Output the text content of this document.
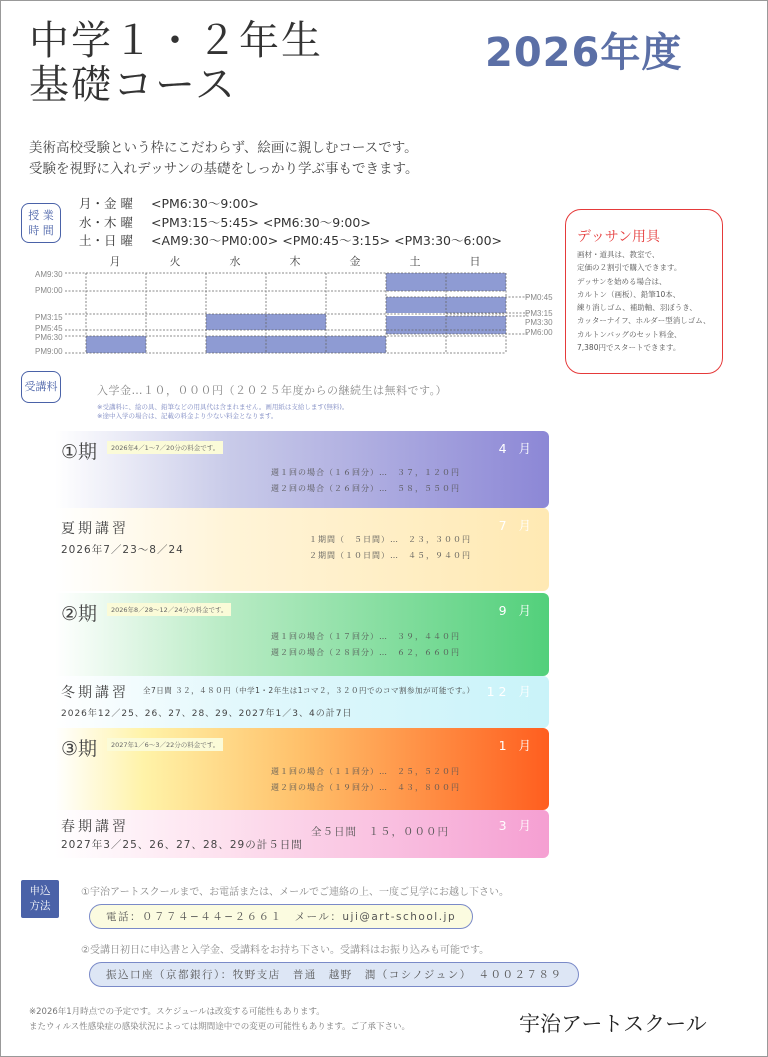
中学１・２年生
基礎コース
2026年度
美術高校受験という枠にこだわらず、絵画に親しむコースです。
受験を視野に入れデッサンの基礎をしっかり学ぶ事もできます。
授 業
時 間
月・金 曜 <PM6:30〜9:00>
水・木 曜 <PM3:15〜5:45> <PM6:30〜9:00>
土・日 曜 <AM9:30〜PM0:00> <PM0:45〜3:15> <PM3:30〜6:00>
月	火	水	木	金	土	日
AM9:30
PM0:00
PM3:15
PM5:45
PM6:30
PM9:00
PM0:45
PM3:15
PM3:30
PM6:00
デッサン用具
画材・道具は、教室で、
定価の２割引で購入できます。
デッサンを始める場合は、
カルトン（画板）、鉛筆10本、
練り消しゴム、補助軸、羽ぼうき、
カッターナイフ、ホルダー型消しゴム、
カルトンバッグのセット料金、
7,380円でスタートできます。
受講料	入学金…１０，０００円（２０２５年度からの継続生は無料です。）
※受講料に、絵の具、鉛筆などの用具代は含まれません。画用紙は支給します(無料)。
※途中入学の場合は、記載の料金より少ない料金となります。
①期	2026年4／1〜7／20分の料金です。	4 月
週１回の場合（１６回分）…　３７，１２０円
週２回の場合（２６回分）…　５８，５５０円
夏期講習
2026年7／23〜8／24
7 月
１期間（　５日間）…　２３，３００円
２期間（１０日間）…　４５，９４０円
②期	2026年8／28〜12／24分の料金です。	9 月
週１回の場合（１７回分）…　３９，４４０円
週２回の場合（２８回分）…　６２，６６０円
冬期講習 全7日間 ３２，４８０円（中学1・2年生は1コマ２，３２０円でのコマ割参加が可能です。）
2026年12／25、26、27、28、29、2027年1／3、4の計7日
12 月
③期	2027年1／6〜3／22分の料金です。	1 月
週１回の場合（１１回分）…　２５，５２０円
週２回の場合（１９回分）…　４３，８００円
春期講習
2027年3／25、26、27、28、29の計５日間
3 月
全５日間　１５，０００円
申込
方法
①宇治アートスクールまで、お電話または、メールでご連絡の上、一度ご見学にお越し下さい。
電話：０７７４−４４−２６６１　メール：uji@art-school.jp
②受講日初日に申込書と入学金、受講料をお持ち下さい。受講料はお振り込みも可能です。
振込口座（京都銀行）：牧野支店　普通　越野　潤（コシノジュン）　４００２７８９
※2026年1月時点での予定です。スケジュールは改変する可能性もあります。
またウィルス性感染症の感染状況によっては期間途中での変更の可能性もあります。ご了承下さい。	宇治アートスクール
